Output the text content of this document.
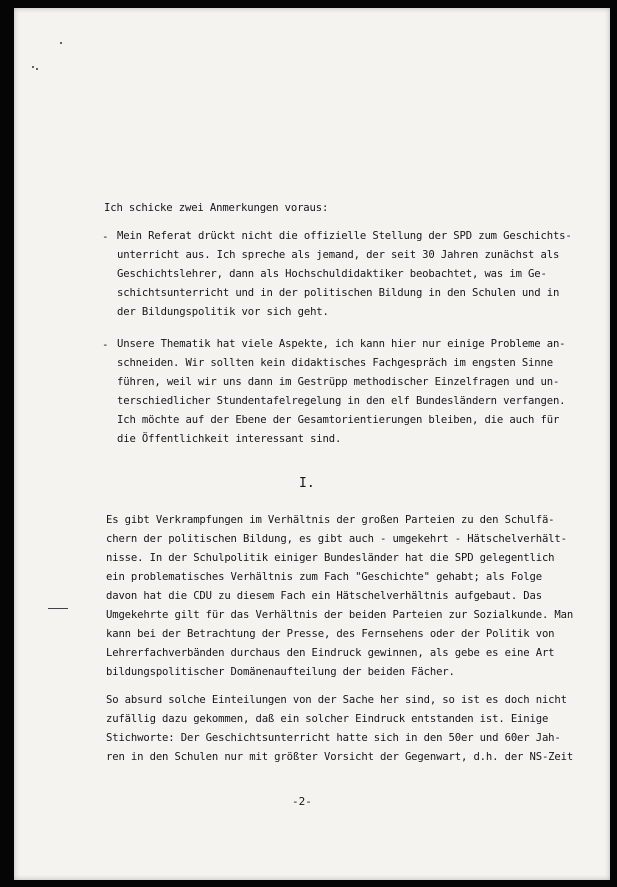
Ich schicke zwei Anmerkungen voraus:
- Mein Referat drückt nicht die offizielle Stellung der SPD zum Geschichts-
unterricht aus. Ich spreche als jemand, der seit 30 Jahren zunächst als
Geschichtslehrer, dann als Hochschuldidaktiker beobachtet, was im Ge-
schichtsunterricht und in der politischen Bildung in den Schulen und in
der Bildungspolitik vor sich geht.
- Unsere Thematik hat viele Aspekte, ich kann hier nur einige Probleme an-
schneiden. Wir sollten kein didaktisches Fachgespräch im engsten Sinne
führen, weil wir uns dann im Gestrüpp methodischer Einzelfragen und un-
terschiedlicher Stundentafelregelung in den elf Bundesländern verfangen.
Ich möchte auf der Ebene der Gesamtorientierungen bleiben, die auch für
die Öffentlichkeit interessant sind.
I.
Es gibt Verkrampfungen im Verhältnis der großen Parteien zu den Schulfä-
chern der politischen Bildung, es gibt auch - umgekehrt - Hätschelverhält-
nisse. In der Schulpolitik einiger Bundesländer hat die SPD gelegentlich
ein problematisches Verhältnis zum Fach "Geschichte" gehabt; als Folge
davon hat die CDU zu diesem Fach ein Hätschelverhältnis aufgebaut. Das
Umgekehrte gilt für das Verhältnis der beiden Parteien zur Sozialkunde. Man
kann bei der Betrachtung der Presse, des Fernsehens oder der Politik von
Lehrerfachverbänden durchaus den Eindruck gewinnen, als gebe es eine Art
bildungspolitischer Domänenaufteilung der beiden Fächer.
So absurd solche Einteilungen von der Sache her sind, so ist es doch nicht
zufällig dazu gekommen, daß ein solcher Eindruck entstanden ist. Einige
Stichworte: Der Geschichtsunterricht hatte sich in den 50er und 60er Jah-
ren in den Schulen nur mit größter Vorsicht der Gegenwart, d.h. der NS-Zeit
-2-
